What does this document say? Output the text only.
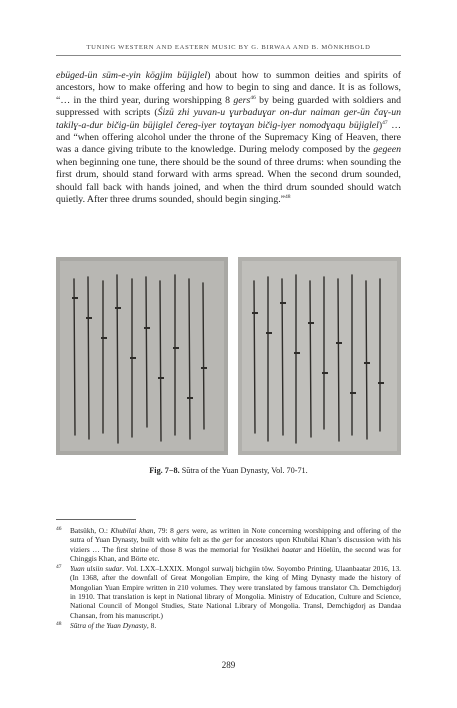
TUNING WESTERN AND EASTERN MUSIC BY G. BIRWAA AND B. MÖNKHBOLD

ebüged-ün süm-e-yin kögjim büjiglel) about how to summon deities and spirits of ancestors, how to make offering and how to begin to sing and dance. It is as follows, “… in the third year, during worshipping 8 gers$^{46}$ by being guarded with soldiers and suppressed with scripts (Śizü zhi yuvan-u ɣurbaduɣar on-dur naiman ger-ün čaɣ-un takilɣ-a-dur bičig-ün büjiglel čereg-iyer toɣtaɣan bičig-iyer nomodɣaqu büjiglel)$^{47}$ … and “when offering alcohol under the throne of the Supremacy King of Heaven, there was a dance giving tribute to the knowledge. During melody composed by the gegeen when beginning one tune, there should be the sound of three drums: when sounding the first drum, should stand forward with arms spread. When the second drum sounded, should fall back with hands joined, and when the third drum sounded should watch quietly. After three drums sounded, should begin singing.”$^{48}$

Fig. 7−8. Sūtra of the Yuan Dynasty, Vol. 70-71.
46 Batsükh, O.: Khubilai khan, 79: 8 gers were, as written in Note concerning worshipping and offering of the sutra of Yuan Dynasty, built with white felt as the ger for ancestors upon Khubilai Khan’s discussion with his viziers … The first shrine of those 8 was the memorial for Yesükhei baatar and Höelün, the second was for Chinggis Khan, and Börte etc.
47 Yuan ulsiin sudar. Vol. LXX–LXXIX. Mongol surwalj bichgiin töw. Soyombo Printing, Ulaanbaatar 2016, 13. (In 1368, after the downfall of Great Mongolian Empire, the king of Ming Dynasty made the history of Mongolian Yuan Empire written in 210 volumes. They were translated by famous translator Ch. Demchigdorj in 1910. That translation is kept in National library of Mongolia. Ministry of Education, Culture and Science, National Council of Mongol Studies, State National Library of Mongolia. Transl, Demchigdorj as Dandaa Chansan, from his manuscript.)
48 Sūtra of the Yuan Dynasty, 8.
289
